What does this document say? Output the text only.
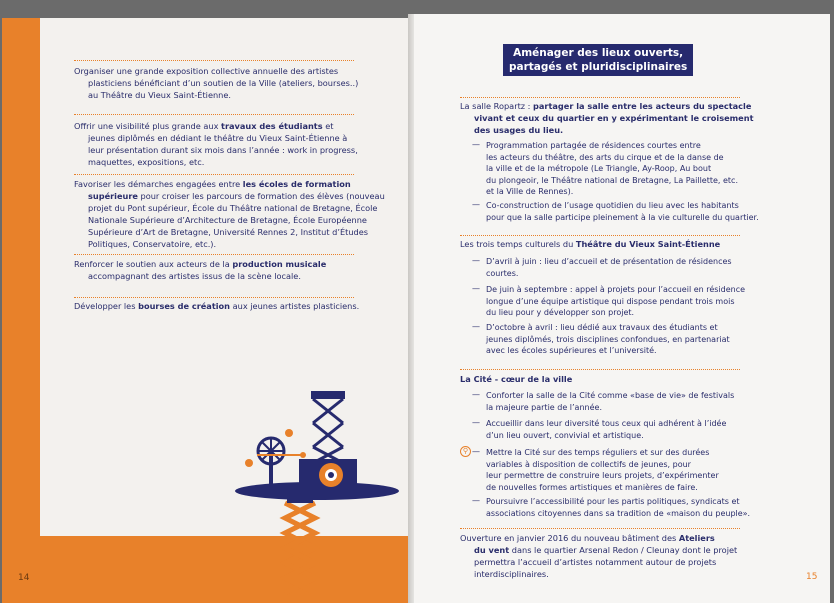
Organiser une grande exposition collective annuelle des artistes
plasticiens bénéficiant d’un soutien de la Ville (ateliers, bourses..)
au Théâtre du Vieux Saint-Étienne.
Offrir une visibilité plus grande aux travaux des étudiants et
jeunes diplômés en dédiant le théâtre du Vieux Saint-Étienne à
leur présentation durant six mois dans l’année : work in progress,
maquettes, expositions, etc.
Favoriser les démarches engagées entre les écoles de formation
supérieure pour croiser les parcours de formation des élèves (nouveau
projet du Pont supérieur, École du Théâtre national de Bretagne, École
Nationale Supérieure d’Architecture de Bretagne, École Européenne
Supérieure d’Art de Bretagne, Université Rennes 2, Institut d’Études
Politiques, Conservatoire, etc.).
Renforcer le soutien aux acteurs de la production musicale
accompagnant des artistes issus de la scène locale.
Développer les bourses de création aux jeunes artistes plasticiens.
14
Aménager des lieux ouverts,
partagés et pluridisciplinaires
La salle Ropartz : partager la salle entre les acteurs du spectacle
vivant et ceux du quartier en y expérimentant le croisement
des usages du lieu.
— Programmation partagée de résidences courtes entre
les acteurs du théâtre, des arts du cirque et de la danse de
la ville et de la métropole (Le Triangle, Ay-Roop, Au bout
du plongeoir, le Théâtre national de Bretagne, La Paillette, etc.
et la Ville de Rennes).
— Co-construction de l’usage quotidien du lieu avec les habitants
pour que la salle participe pleinement à la vie culturelle du quartier.
Les trois temps culturels du Théâtre du Vieux Saint-Étienne
— D’avril à juin : lieu d’accueil et de présentation de résidences
courtes.
— De juin à septembre : appel à projets pour l’accueil en résidence
longue d’une équipe artistique qui dispose pendant trois mois
du lieu pour y développer son projet.
— D’octobre à avril : lieu dédié aux travaux des étudiants et
jeunes diplômés, trois disciplines confondues, en partenariat
avec les écoles supérieures et l’université.
La Cité - cœur de la ville
— Conforter la salle de la Cité comme «base de vie» de festivals
la majeure partie de l’année.
— Accueillir dans leur diversité tous ceux qui adhérent à l’idée
d’un lieu ouvert, convivial et artistique.
⚲ — Mettre la Cité sur des temps réguliers et sur des durées
variables à disposition de collectifs de jeunes, pour
leur permettre de construire leurs projets, d’expérimenter
de nouvelles formes artistiques et manières de faire.
— Poursuivre l’accessibilité pour les partis politiques, syndicats et
associations citoyennes dans sa tradition de «maison du peuple».
Ouverture en janvier 2016 du nouveau bâtiment des Ateliers
du vent dans le quartier Arsenal Redon / Cleunay dont le projet
permettra l’accueil d’artistes notamment autour de projets
interdisciplinaires.	15
